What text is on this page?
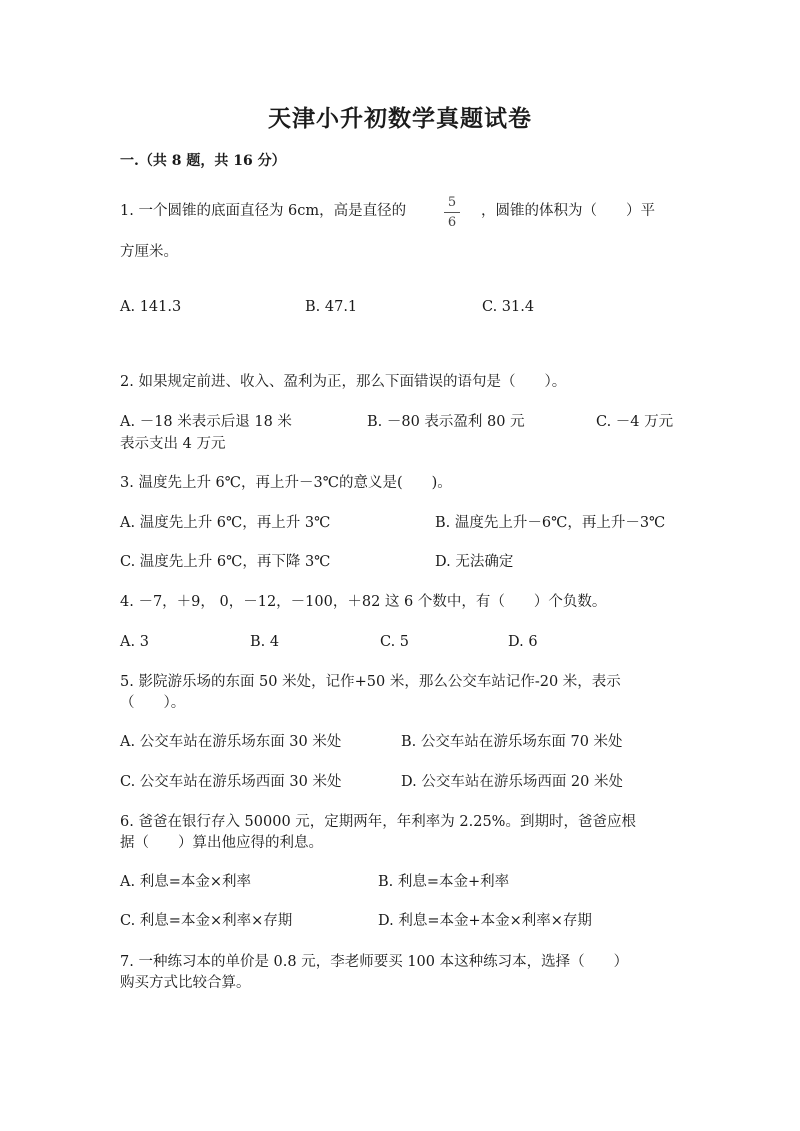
天津小升初数学真题试卷
一.（共 8 题，共 16 分）
1. 一个圆锥的底面直径为 6cm，高是直径的
5
6
，圆锥的体积为（　　）平
方厘米。
A. 141.3	B. 47.1	C. 31.4
2. 如果规定前进、收入、盈利为正，那么下面错误的语句是（　　）。
A. －18 米表示后退 18 米	B. －80 表示盈利 80 元	C. －4 万元
表示支出 4 万元
3. 温度先上升 6℃，再上升－3℃的意义是(　　)。
A. 温度先上升 6℃，再上升 3℃	B. 温度先上升－6℃，再上升－3℃
C. 温度先上升 6℃，再下降 3℃	D. 无法确定
4. －7，＋9， 0，－12，－100，＋82 这 6 个数中，有（　　）个负数。
A. 3	B. 4	C. 5	D. 6
5. 影院游乐场的东面 50 米处，记作+50 米，那么公交车站记作-20 米，表示
（　　）。
A. 公交车站在游乐场东面 30 米处	B. 公交车站在游乐场东面 70 米处
C. 公交车站在游乐场西面 30 米处	D. 公交车站在游乐场西面 20 米处
6. 爸爸在银行存入 50000 元，定期两年，年利率为 2.25%。到期时，爸爸应根
据（　　）算出他应得的利息。
A. 利息=本金×利率	B. 利息=本金+利率
C. 利息=本金×利率×存期	D. 利息=本金+本金×利率×存期
7. 一种练习本的单价是 0.8 元，李老师要买 100 本这种练习本，选择（　　）
购买方式比较合算。
